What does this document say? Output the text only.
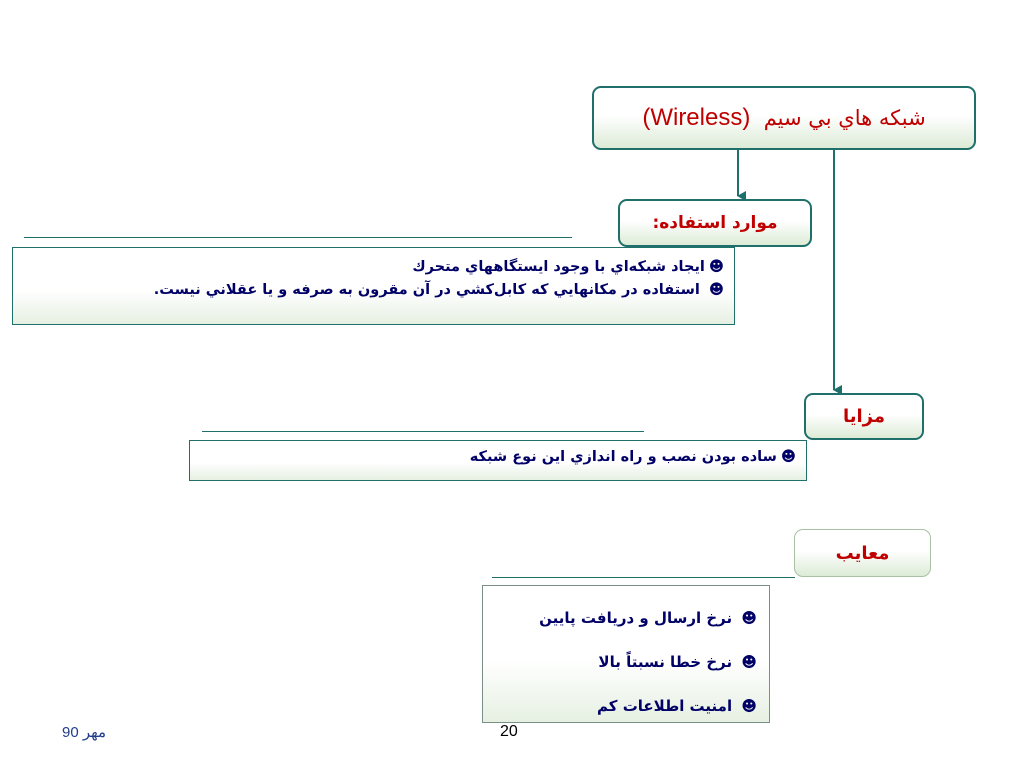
شبكه هاي بي سيم

(Wireless)
موارد استفاده:
☻ايجاد شبكه‌اي با وجود ايستگاههاي متحرك
☻ استفاده در مكانهايي كه كابل‌كشي در آن مقرون به صرفه و يا عقلاني نيست.
مزايا
☻ساده بودن نصب و راه اندازي اين نوع شبكه
معايب
☻ نرخ ارسال و دريافت پايين
☻ نرخ خطا نسبتاً بالا
☻ امنيت اطلاعات كم
مهر 90	20
